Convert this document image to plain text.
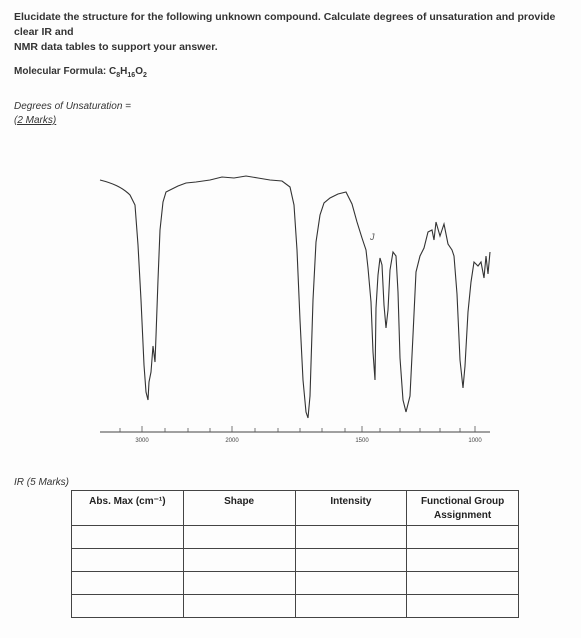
Elucidate the structure for the following unknown compound. Calculate degrees of unsaturation and provide clear IR and
NMR data tables to support your answer.
Molecular Formula: $C_8H_{16}O_2$
Degrees of Unsaturation =
(2 Marks)
3000	2000	1500	1000
J
IR (5 Marks)
Abs. Max (cm⁻¹)	Shape	Intensity	Functional Group Assignment
